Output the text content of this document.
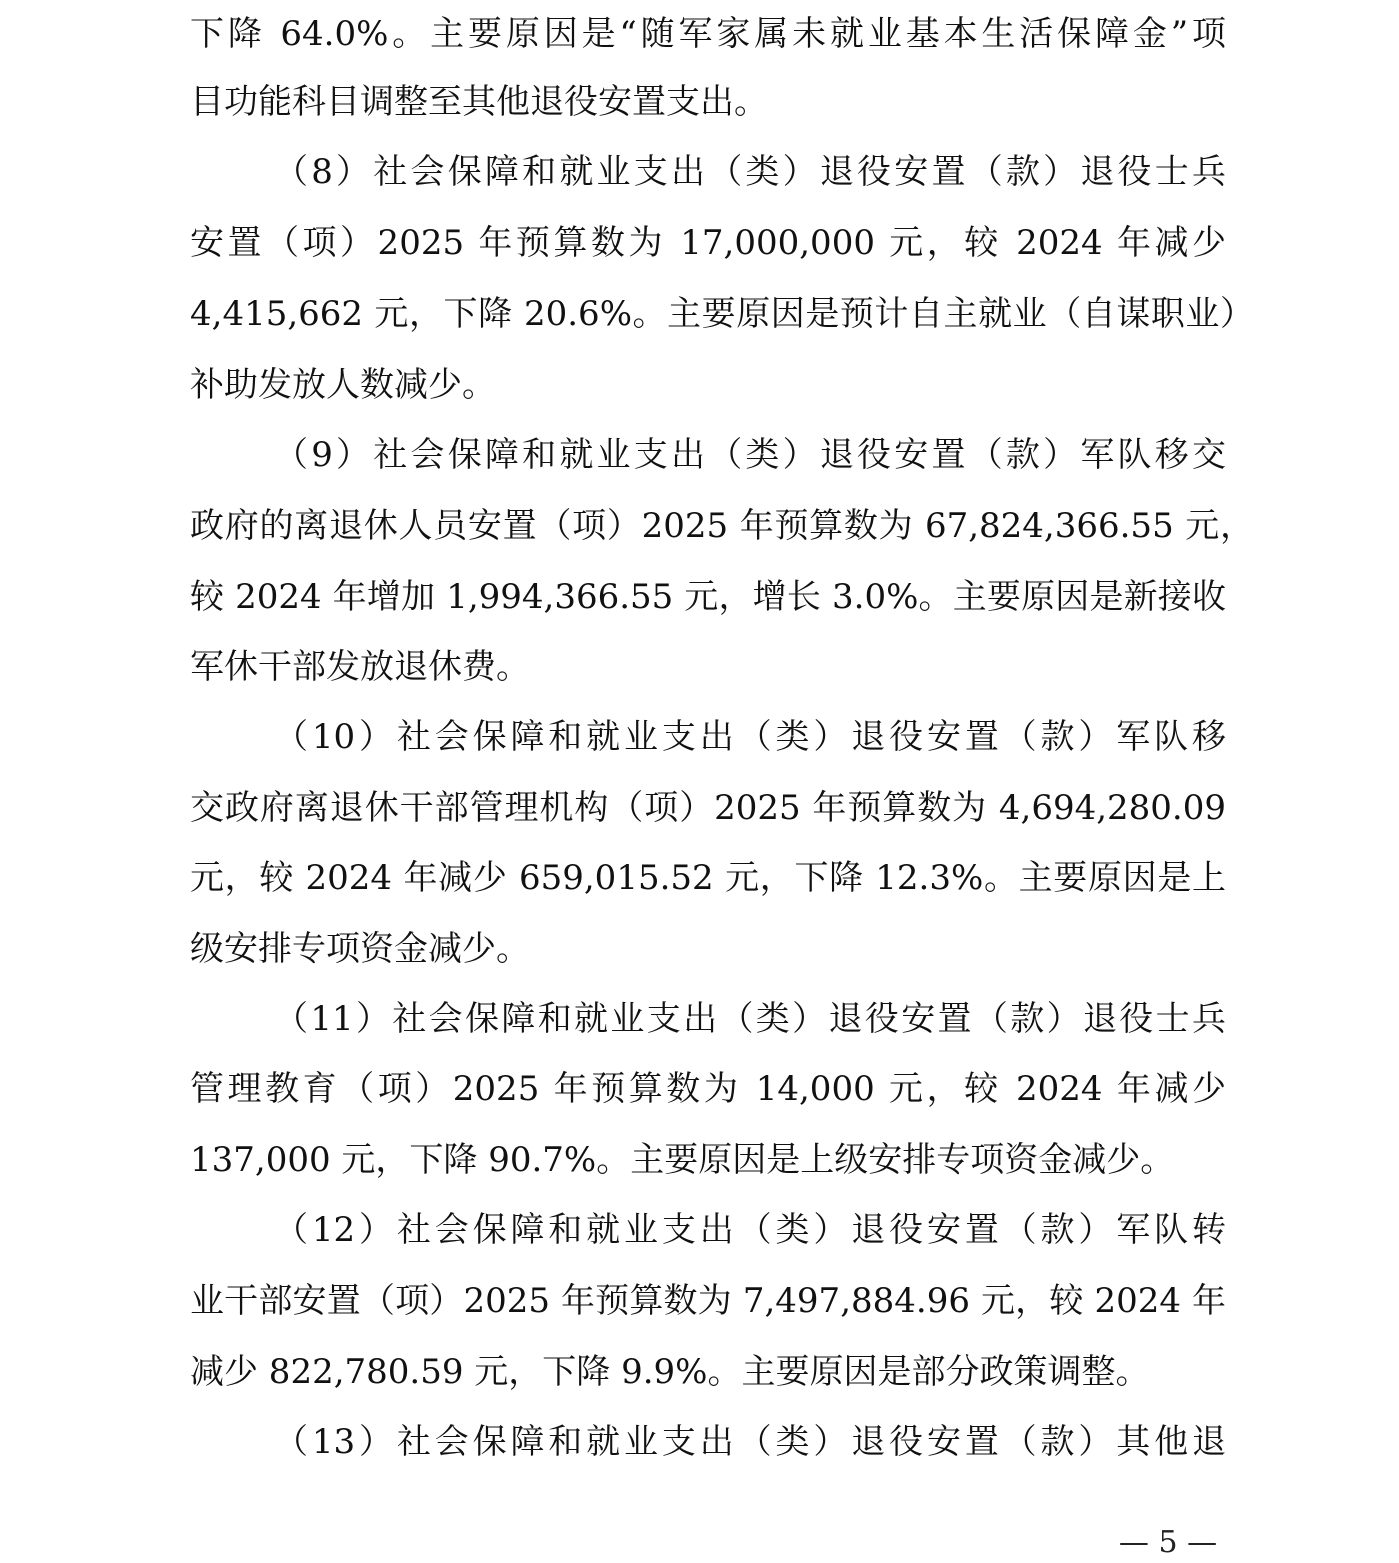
下降 64.0%。主要原因是“随军家属未就业基本生活保障金”项
目功能科目调整至其他退役安置支出。
（8）社会保障和就业支出（类）退役安置（款）退役士兵
安置（项）2025 年预算数为 17,000,000 元，较 2024 年减少
4,415,662 元，下降 20.6%。主要原因是预计自主就业（自谋职业）
补助发放人数减少。
（9）社会保障和就业支出（类）退役安置（款）军队移交
政府的离退休人员安置（项）2025 年预算数为 67,824,366.55 元，
较 2024 年增加 1,994,366.55 元，增长 3.0%。主要原因是新接收
军休干部发放退休费。
（10）社会保障和就业支出（类）退役安置（款）军队移
交政府离退休干部管理机构（项）2025 年预算数为 4,694,280.09
元，较 2024 年减少 659,015.52 元，下降 12.3%。主要原因是上
级安排专项资金减少。
（11）社会保障和就业支出（类）退役安置（款）退役士兵
管理教育（项）2025 年预算数为 14,000 元，较 2024 年减少
137,000 元，下降 90.7%。主要原因是上级安排专项资金减少。
（12）社会保障和就业支出（类）退役安置（款）军队转
业干部安置（项）2025 年预算数为 7,497,884.96 元，较 2024 年
减少 822,780.59 元，下降 9.9%。主要原因是部分政策调整。
（13）社会保障和就业支出（类）退役安置（款）其他退
— 5 —
